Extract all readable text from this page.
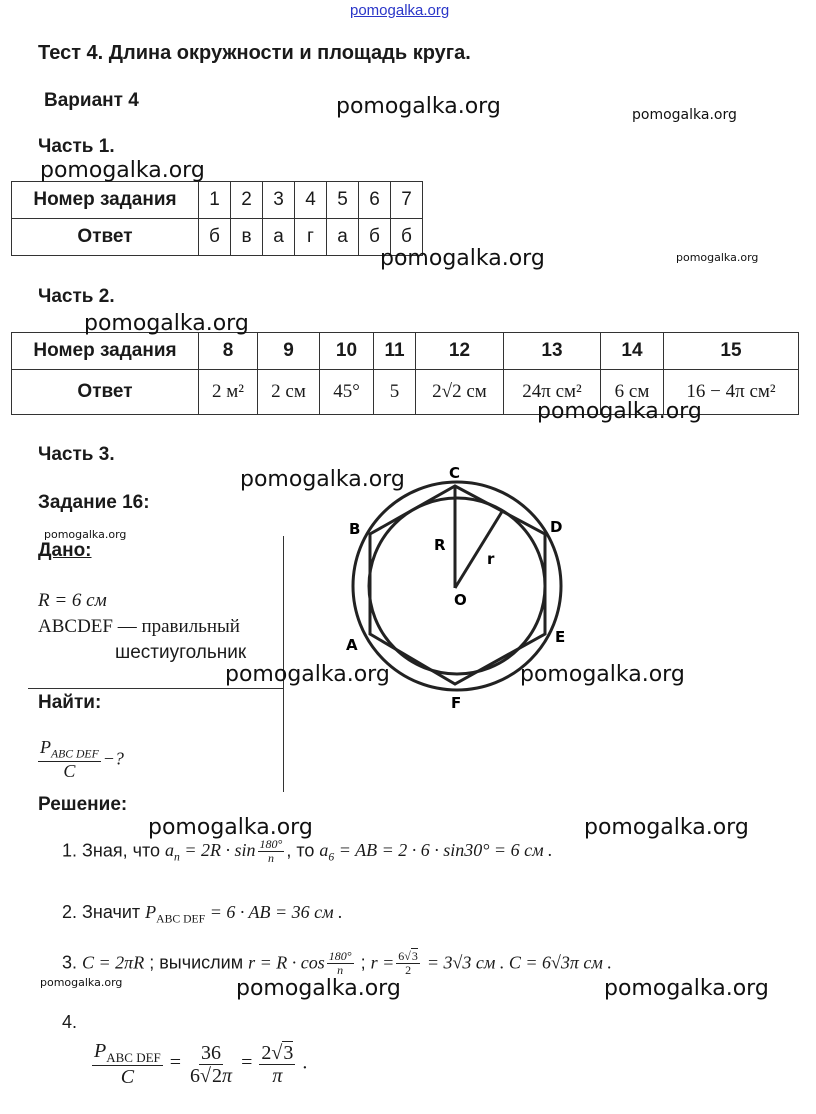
pomogalka.org
Тест 4. Длина окружности и площадь круга.
Вариант 4
Часть 1.
Номер задания	1	2	3	4	5	6	7
Ответ	б	в	а	г	а	б	б
Часть 2.
Номер задания	8	9	10	11	12	13	14	15
Ответ	2 м²	2 см	45°	5	2√2 см	24π см²	6 см	16 − 4π см²
Часть 3.
Задание 16:
Дано:
R = 6 см
ABCDEF — правильный
шестиугольник
Найти:
$\frac{P_{ABC DEF}}{C}$ −?
Решение:
C
D
E
F
A
B
O
R
r
1. Зная, что $a_n = 2R \cdot \sin \frac{180^\circ}{n}$ , то $a_6$ = AB = 2 · 6 · sin30° = 6 см .
2. Значит $P_{ABC DEF} = 6$ · AB = 36 см .
3. C = 2πR ; вычислим $r = R \cdot \cos \frac{180^\circ}{n}$ ; $r = \frac{6√3}{2} = 3√3$ см . C = 6√3π см .
4.
$\frac{P_{ABC DEF}}{C} = \frac{36}{6√2\pi} = \frac{2√3}{\pi}$ .
pomogalka.org	pomogalka.org
pomogalka.org
pomogalka.org	pomogalka.org
pomogalka.org
pomogalka.org
pomogalka.org
pomogalka.org
pomogalka.org	pomogalka.org
pomogalka.org	pomogalka.org
pomogalka.org	pomogalka.org	pomogalka.org
